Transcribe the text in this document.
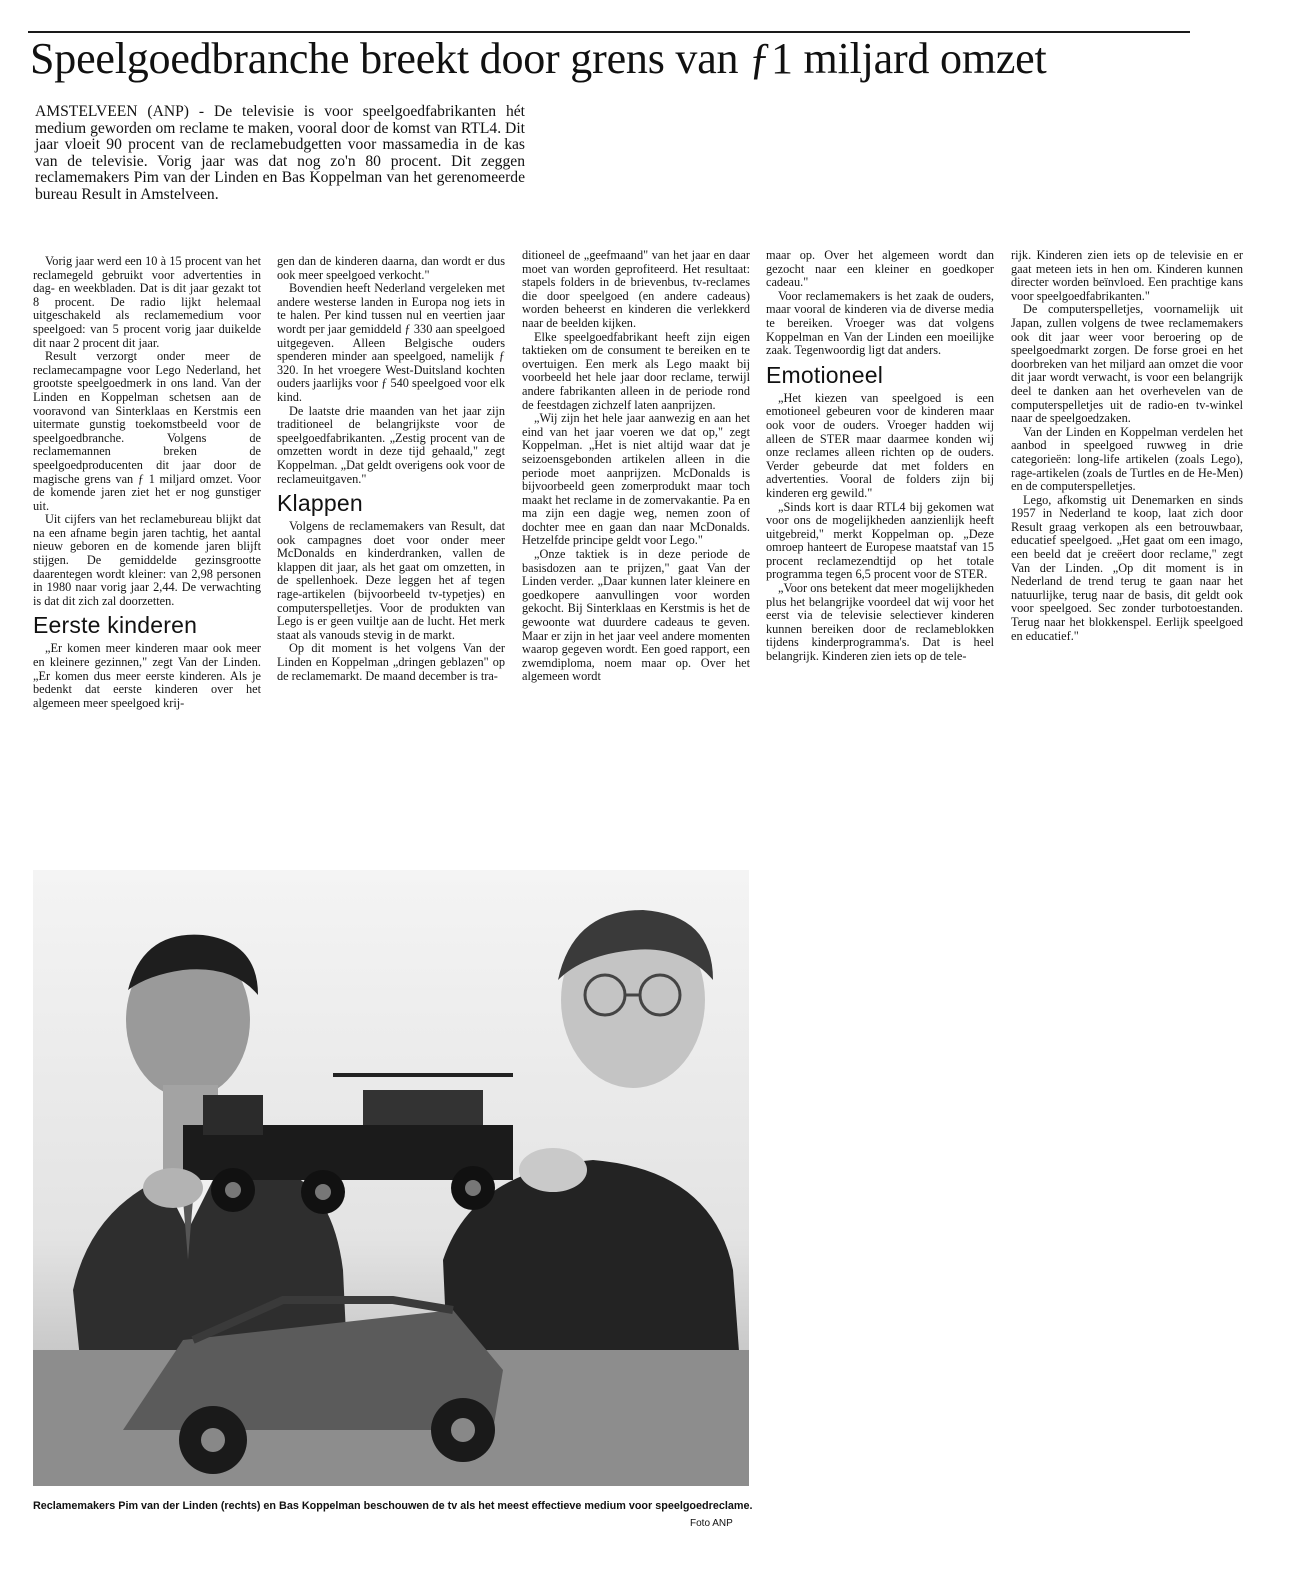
Speelgoedbranche breekt door grens van ƒ1 miljard omzet

AMSTELVEEN (ANP) - De televisie is voor speelgoedfabrikanten hét medium geworden om reclame te maken, vooral door de komst van RTL4. Dit jaar vloeit 90 procent van de reclamebudgetten voor massamedia in de kas van de televisie. Vorig jaar was dat nog zo'n 80 procent. Dit zeggen reclamemakers Pim van der Linden en Bas Koppelman van het gerenomeerde bureau Result in Amstelveen.

Vorig jaar werd een 10 à 15 procent van het reclamegeld gebruikt voor advertenties in dag- en weekbladen. Dat is dit jaar gezakt tot 8 procent. De radio lijkt helemaal uitgeschakeld als reclamemedium voor speelgoed: van 5 procent vorig jaar duikelde dit naar 2 procent dit jaar.

Result verzorgt onder meer de reclamecampagne voor Lego Nederland, het grootste speelgoedmerk in ons land. Van der Linden en Koppelman schetsen aan de vooravond van Sinterklaas en Kerstmis een uitermate gunstig toekomstbeeld voor de speelgoedbranche. Volgens de reclamemannen breken de speelgoedproducenten dit jaar door de magische grens van ƒ 1 miljard omzet. Voor de komende jaren ziet het er nog gunstiger uit.

Uit cijfers van het reclamebureau blijkt dat na een afname begin jaren tachtig, het aantal nieuw geboren en de komende jaren blijft stijgen. De gemiddelde gezinsgrootte daarentegen wordt kleiner: van 2,98 personen in 1980 naar vorig jaar 2,44. De verwachting is dat dit zich zal doorzetten.

Eerste kinderen

„Er komen meer kinderen maar ook meer en kleinere gezinnen," zegt Van der Linden. „Er komen dus meer eerste kinderen. Als je bedenkt dat eerste kinderen over het algemeen meer speelgoed krij-

gen dan de kinderen daarna, dan wordt er dus ook meer speelgoed verkocht."

Bovendien heeft Nederland vergeleken met andere westerse landen in Europa nog iets in te halen. Per kind tussen nul en veertien jaar wordt per jaar gemiddeld ƒ 330 aan speelgoed uitgegeven. Alleen Belgische ouders spenderen minder aan speelgoed, namelijk ƒ 320. In het vroegere West-Duitsland kochten ouders jaarlijks voor ƒ 540 speelgoed voor elk kind.

De laatste drie maanden van het jaar zijn traditioneel de belangrijkste voor de speelgoedfabrikanten. „Zestig procent van de omzetten wordt in deze tijd gehaald," zegt Koppelman. „Dat geldt overigens ook voor de reclameuitgaven."

Klappen

Volgens de reclamemakers van Result, dat ook campagnes doet voor onder meer McDonalds en kinderdranken, vallen de klappen dit jaar, als het gaat om omzetten, in de spellenhoek. Deze leggen het af tegen rage-artikelen (bijvoorbeeld tv-typetjes) en computerspelletjes. Voor de produkten van Lego is er geen vuiltje aan de lucht. Het merk staat als vanouds stevig in de markt.

Op dit moment is het volgens Van der Linden en Koppelman „dringen geblazen" op de reclamemarkt. De maand december is tra-

ditioneel de „geefmaand" van het jaar en daar moet van worden geprofiteerd. Het resultaat: stapels folders in de brievenbus, tv-reclames die door speelgoed (en andere cadeaus) worden beheerst en kinderen die verlekkerd naar de beelden kijken.

Elke speelgoedfabrikant heeft zijn eigen taktieken om de consument te bereiken en te overtuigen. Een merk als Lego maakt bij voorbeeld het hele jaar door reclame, terwijl andere fabrikanten alleen in de periode rond de feestdagen zichzelf laten aanprijzen.

„Wij zijn het hele jaar aanwezig en aan het eind van het jaar voeren we dat op," zegt Koppelman. „Het is niet altijd waar dat je seizoensgebonden artikelen alleen in die periode moet aanprijzen. McDonalds is bijvoorbeeld geen zomerprodukt maar toch maakt het reclame in de zomervakantie. Pa en ma zijn een dagje weg, nemen zoon of dochter mee en gaan dan naar McDonalds. Hetzelfde principe geldt voor Lego."

„Onze taktiek is in deze periode de basisdozen aan te prijzen," gaat Van der Linden verder. „Daar kunnen later kleinere en goedkopere aanvullingen voor worden gekocht. Bij Sinterklaas en Kerstmis is het de gewoonte wat duurdere cadeaus te geven. Maar er zijn in het jaar veel andere momenten waarop gegeven wordt. Een goed rapport, een zwemdiploma, noem maar op. Over het algemeen wordt

maar op. Over het algemeen wordt dan gezocht naar een kleiner en goedkoper cadeau."

Voor reclamemakers is het zaak de ouders, maar vooral de kinderen via de diverse media te bereiken. Vroeger was dat volgens Koppelman en Van der Linden een moeilijke zaak. Tegenwoordig ligt dat anders.

Emotioneel

„Het kiezen van speelgoed is een emotioneel gebeuren voor de kinderen maar ook voor de ouders. Vroeger hadden wij alleen de STER maar daarmee konden wij onze reclames alleen richten op de ouders. Verder gebeurde dat met folders en advertenties. Vooral de folders zijn bij kinderen erg gewild."

„Sinds kort is daar RTL4 bij gekomen wat voor ons de mogelijkheden aanzienlijk heeft uitgebreid," merkt Koppelman op. „Deze omroep hanteert de Europese maatstaf van 15 procent reclamezendtijd op het totale programma tegen 6,5 procent voor de STER.

„Voor ons betekent dat meer mogelijkheden plus het belangrijke voordeel dat wij voor het eerst via de televisie selectiever kinderen kunnen bereiken door de reclameblokken tijdens kinderprogramma's. Dat is heel belangrijk. Kinderen zien iets op de tele-

rijk. Kinderen zien iets op de televisie en er gaat meteen iets in hen om. Kinderen kunnen directer worden beïnvloed. Een prachtige kans voor speelgoedfabrikanten."

De computerspelletjes, voornamelijk uit Japan, zullen volgens de twee reclamemakers ook dit jaar weer voor beroering op de speelgoedmarkt zorgen. De forse groei en het doorbreken van het miljard aan omzet die voor dit jaar wordt verwacht, is voor een belangrijk deel te danken aan het overhevelen van de computerspelletjes uit de radio-en tv-winkel naar de speelgoedzaken.

Van der Linden en Koppelman verdelen het aanbod in speelgoed ruwweg in drie categorieën: long-life artikelen (zoals Lego), rage-artikelen (zoals de Turtles en de He-Men) en de computerspelletjes.

Lego, afkomstig uit Denemarken en sinds 1957 in Nederland te koop, laat zich door Result graag verkopen als een betrouwbaar, educatief speelgoed. „Het gaat om een imago, een beeld dat je creëert door reclame," zegt Van der Linden. „Op dit moment is in Nederland de trend terug te gaan naar het natuurlijke, terug naar de basis, dit geldt ook voor speelgoed. Sec zonder turbotoestanden. Terug naar het blokkenspel. Eerlijk speelgoed en educatief."

Reclamemakers Pim van der Linden (rechts) en Bas Koppelman beschouwen de tv als het meest effectieve medium voor speelgoedreclame.

Foto ANP
